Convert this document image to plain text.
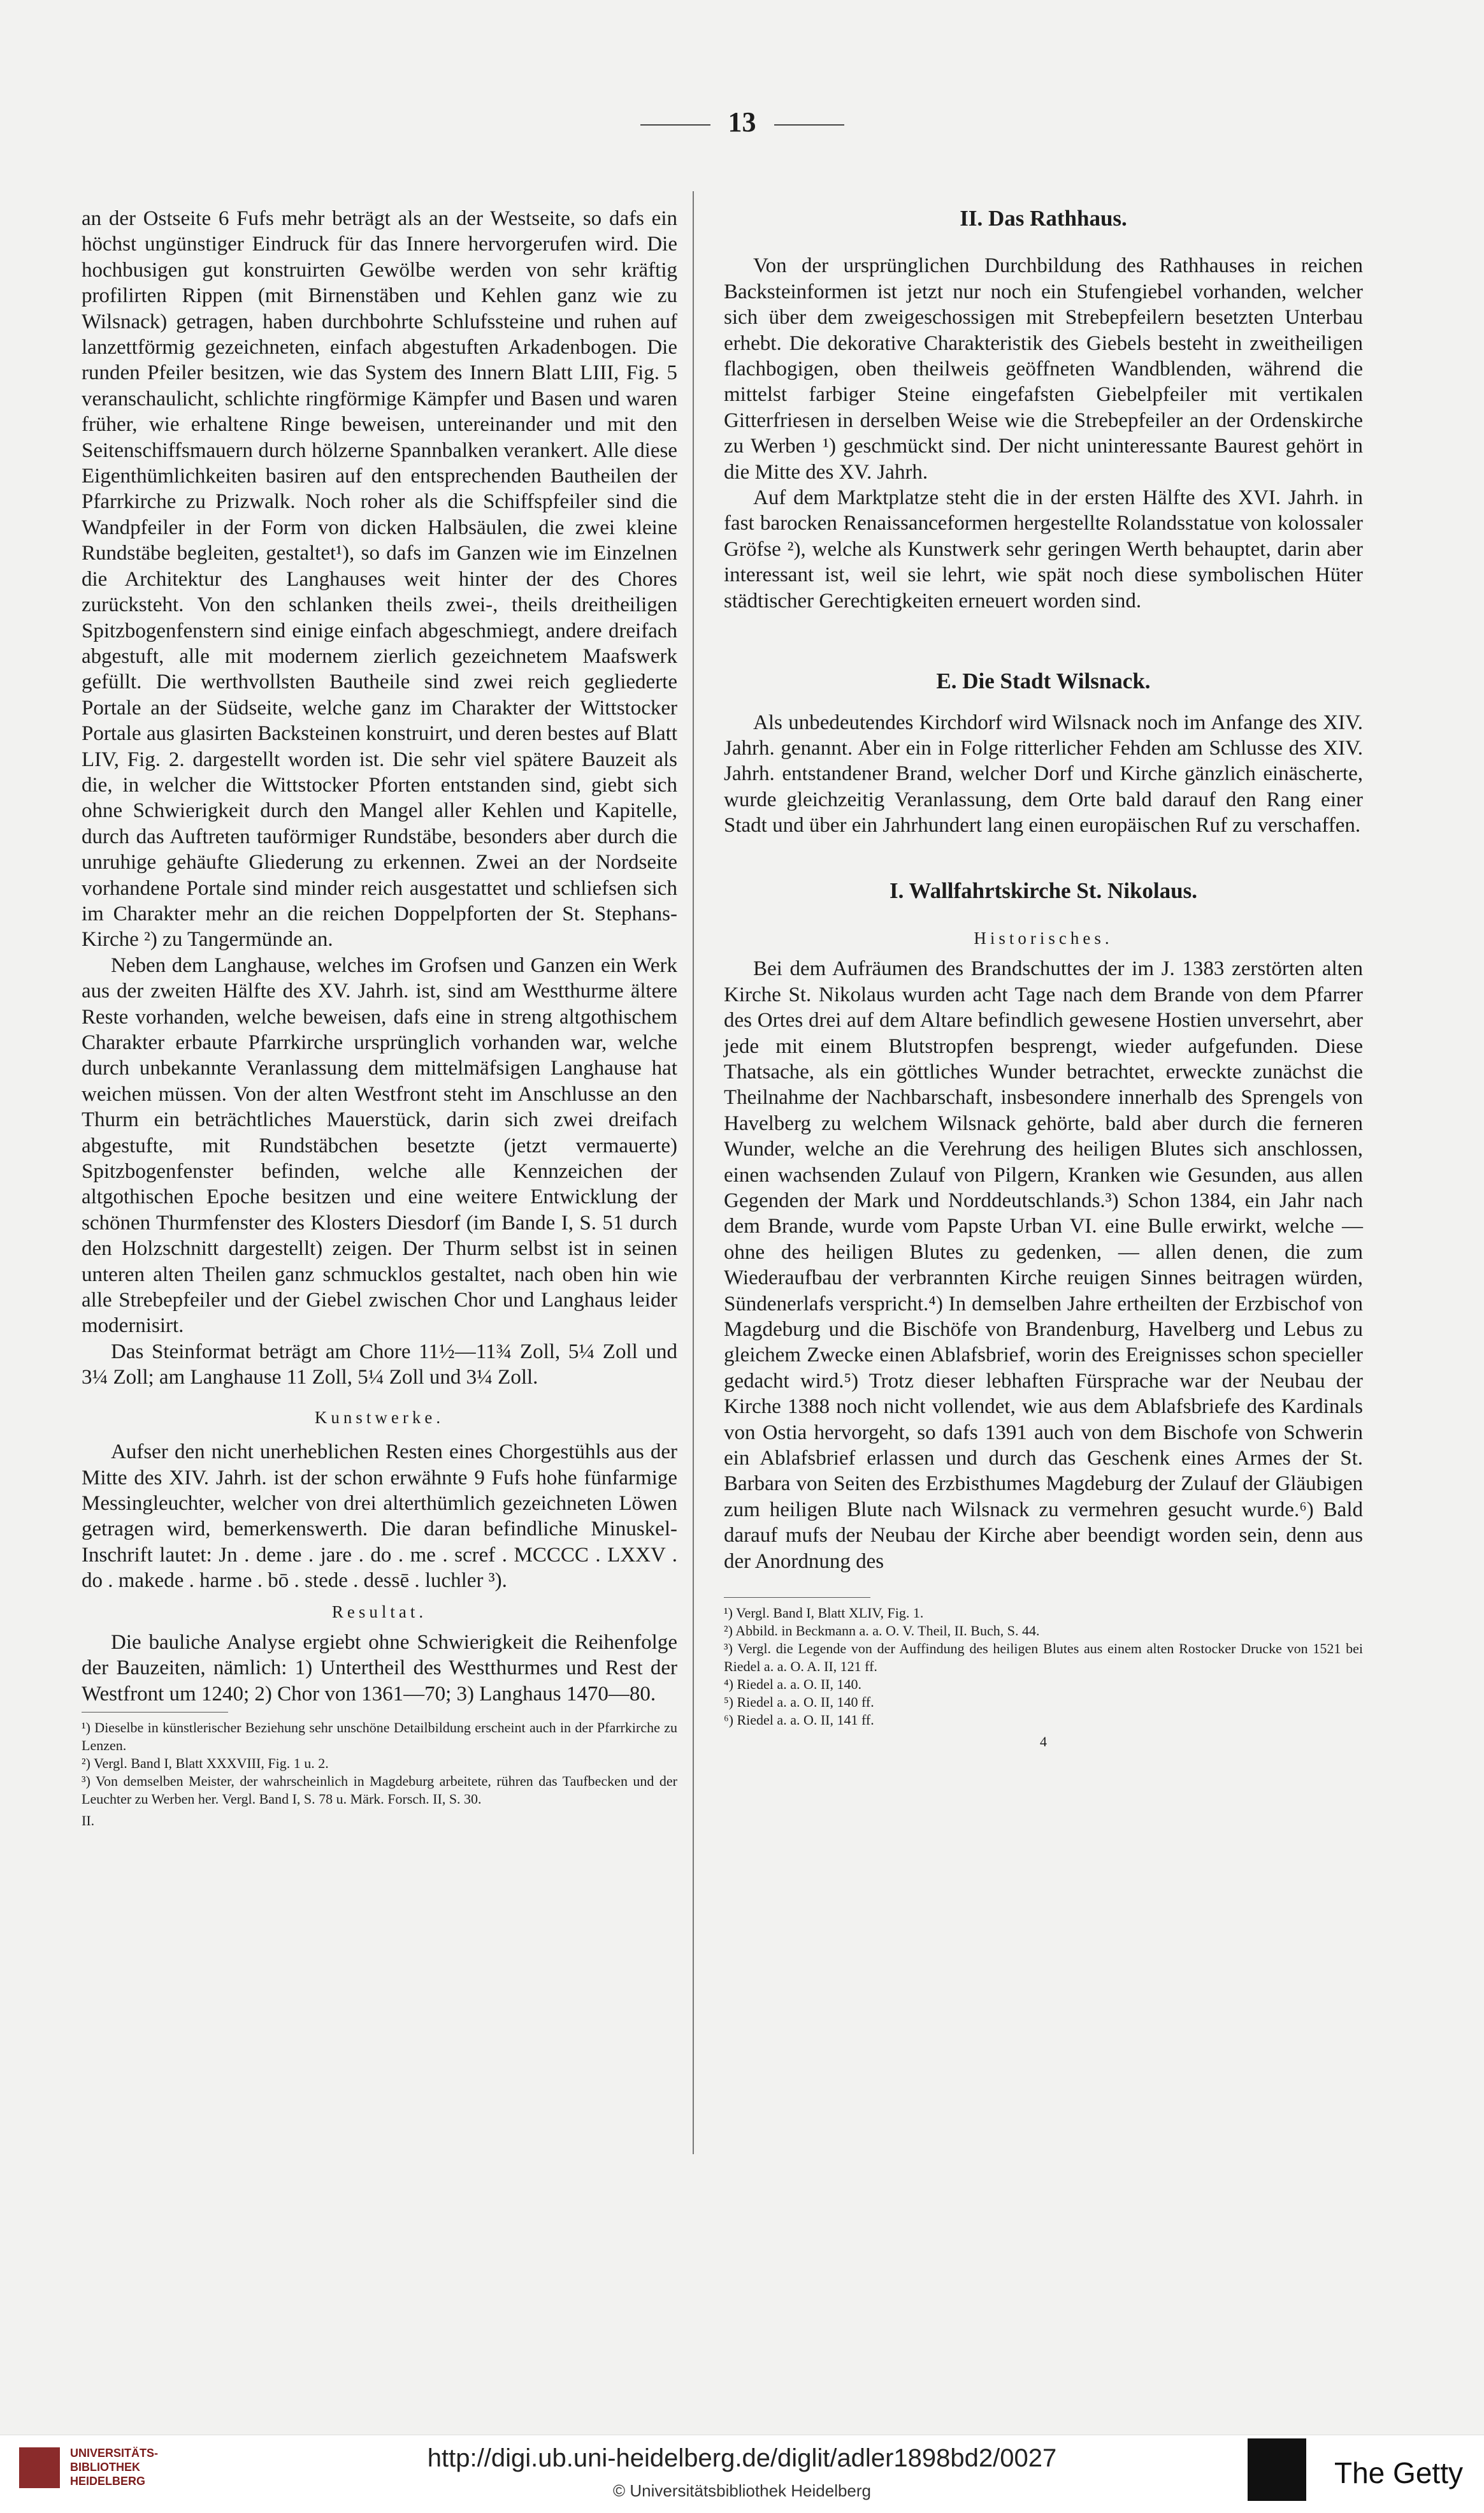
13

an der Ostseite 6 Fufs mehr beträgt als an der Westseite, so dafs ein höchst ungünstiger Eindruck für das Innere hervorgerufen wird. Die hochbusigen gut konstruirten Gewölbe werden von sehr kräftig profilirten Rippen (mit Birnenstäben und Kehlen ganz wie zu Wilsnack) getragen, haben durchbohrte Schlufssteine und ruhen auf lanzettförmig gezeichneten, einfach abgestuften Arkadenbogen. Die runden Pfeiler besitzen, wie das System des Innern Blatt LIII, Fig. 5 veranschaulicht, schlichte ringförmige Kämpfer und Basen und waren früher, wie erhaltene Ringe beweisen, untereinander und mit den Seitenschiffsmauern durch hölzerne Spannbalken verankert. Alle diese Eigenthümlichkeiten basiren auf den entsprechenden Bautheilen der Pfarrkirche zu Prizwalk. Noch roher als die Schiffspfeiler sind die Wandpfeiler in der Form von dicken Halbsäulen, die zwei kleine Rundstäbe begleiten, gestaltet¹), so dafs im Ganzen wie im Einzelnen die Architektur des Langhauses weit hinter der des Chores zurücksteht. Von den schlanken theils zwei-, theils dreitheiligen Spitzbogenfenstern sind einige einfach abgeschmiegt, andere dreifach abgestuft, alle mit modernem zierlich gezeichnetem Maafswerk gefüllt. Die werthvollsten Bautheile sind zwei reich gegliederte Portale an der Südseite, welche ganz im Charakter der Wittstocker Portale aus glasirten Backsteinen konstruirt, und deren bestes auf Blatt LIV, Fig. 2. dargestellt worden ist. Die sehr viel spätere Bauzeit als die, in welcher die Wittstocker Pforten entstanden sind, giebt sich ohne Schwierigkeit durch den Mangel aller Kehlen und Kapitelle, durch das Auftreten tauförmiger Rundstäbe, besonders aber durch die unruhige gehäufte Gliederung zu erkennen. Zwei an der Nordseite vorhandene Portale sind minder reich ausgestattet und schliefsen sich im Charakter mehr an die reichen Doppelpforten der St. Stephans-Kirche ²) zu Tangermünde an.

Neben dem Langhause, welches im Grofsen und Ganzen ein Werk aus der zweiten Hälfte des XV. Jahrh. ist, sind am Westthurme ältere Reste vorhanden, welche beweisen, dafs eine in streng altgothischem Charakter erbaute Pfarrkirche ursprünglich vorhanden war, welche durch unbekannte Veranlassung dem mittelmäfsigen Langhause hat weichen müssen. Von der alten Westfront steht im Anschlusse an den Thurm ein beträchtliches Mauerstück, darin sich zwei dreifach abgestufte, mit Rundstäbchen besetzte (jetzt vermauerte) Spitzbogenfenster befinden, welche alle Kennzeichen der altgothischen Epoche besitzen und eine weitere Entwicklung der schönen Thurmfenster des Klosters Diesdorf (im Bande I, S. 51 durch den Holzschnitt dargestellt) zeigen. Der Thurm selbst ist in seinen unteren alten Theilen ganz schmucklos gestaltet, nach oben hin wie alle Strebepfeiler und der Giebel zwischen Chor und Langhaus leider modernisirt.

Das Steinformat beträgt am Chore 11½—11¾ Zoll, 5¼ Zoll und 3¼ Zoll; am Langhause 11 Zoll, 5¼ Zoll und 3¼ Zoll.

Kunstwerke.

Aufser den nicht unerheblichen Resten eines Chorgestühls aus der Mitte des XIV. Jahrh. ist der schon erwähnte 9 Fufs hohe fünfarmige Messingleuchter, welcher von drei alterthümlich gezeichneten Löwen getragen wird, bemerkenswerth. Die daran befindliche Minuskel-Inschrift lautet: Jn . deme . jare . do . me . scref . MCCCC . LXXV . do . makede . harme . bō . stede . dessē . luchler ³).

Resultat.

Die bauliche Analyse ergiebt ohne Schwierigkeit die Reihenfolge der Bauzeiten, nämlich: 1) Untertheil des Westthurmes und Rest der Westfront um 1240; 2) Chor von 1361—70; 3) Langhaus 1470—80.

¹) Dieselbe in künstlerischer Beziehung sehr unschöne Detailbildung erscheint auch in der Pfarrkirche zu Lenzen.

²) Vergl. Band I, Blatt XXXVIII, Fig. 1 u. 2.

³) Von demselben Meister, der wahrscheinlich in Magdeburg arbeitete, rühren das Taufbecken und der Leuchter zu Werben her. Vergl. Band I, S. 78 u. Märk. Forsch. II, S. 30.

II.

II. Das Rathhaus.

Von der ursprünglichen Durchbildung des Rathhauses in reichen Backsteinformen ist jetzt nur noch ein Stufengiebel vorhanden, welcher sich über dem zweigeschossigen mit Strebepfeilern besetzten Unterbau erhebt. Die dekorative Charakteristik des Giebels besteht in zweitheiligen flachbogigen, oben theilweis geöffneten Wandblenden, während die mittelst farbiger Steine eingefafsten Giebelpfeiler mit vertikalen Gitterfriesen in derselben Weise wie die Strebepfeiler an der Ordenskirche zu Werben ¹) geschmückt sind. Der nicht uninteressante Baurest gehört in die Mitte des XV. Jahrh.

Auf dem Marktplatze steht die in der ersten Hälfte des XVI. Jahrh. in fast barocken Renaissanceformen hergestellte Rolandsstatue von kolossaler Gröfse ²), welche als Kunstwerk sehr geringen Werth behauptet, darin aber interessant ist, weil sie lehrt, wie spät noch diese symbolischen Hüter städtischer Gerechtigkeiten erneuert worden sind.

E. Die Stadt Wilsnack.

Als unbedeutendes Kirchdorf wird Wilsnack noch im Anfange des XIV. Jahrh. genannt. Aber ein in Folge ritterlicher Fehden am Schlusse des XIV. Jahrh. entstandener Brand, welcher Dorf und Kirche gänzlich einäscherte, wurde gleichzeitig Veranlassung, dem Orte bald darauf den Rang einer Stadt und über ein Jahrhundert lang einen europäischen Ruf zu verschaffen.

I. Wallfahrtskirche St. Nikolaus.

Historisches.

Bei dem Aufräumen des Brandschuttes der im J. 1383 zerstörten alten Kirche St. Nikolaus wurden acht Tage nach dem Brande von dem Pfarrer des Ortes drei auf dem Altare befindlich gewesene Hostien unversehrt, aber jede mit einem Blutstropfen besprengt, wieder aufgefunden. Diese Thatsache, als ein göttliches Wunder betrachtet, erweckte zunächst die Theilnahme der Nachbarschaft, insbesondere innerhalb des Sprengels von Havelberg zu welchem Wilsnack gehörte, bald aber durch die ferneren Wunder, welche an die Verehrung des heiligen Blutes sich anschlossen, einen wachsenden Zulauf von Pilgern, Kranken wie Gesunden, aus allen Gegenden der Mark und Norddeutschlands.³) Schon 1384, ein Jahr nach dem Brande, wurde vom Papste Urban VI. eine Bulle erwirkt, welche — ohne des heiligen Blutes zu gedenken, — allen denen, die zum Wiederaufbau der verbrannten Kirche reuigen Sinnes beitragen würden, Sündenerlafs verspricht.⁴) In demselben Jahre ertheilten der Erzbischof von Magdeburg und die Bischöfe von Brandenburg, Havelberg und Lebus zu gleichem Zwecke einen Ablafsbrief, worin des Ereignisses schon specieller gedacht wird.⁵) Trotz dieser lebhaften Fürsprache war der Neubau der Kirche 1388 noch nicht vollendet, wie aus dem Ablafsbriefe des Kardinals von Ostia hervorgeht, so dafs 1391 auch von dem Bischofe von Schwerin ein Ablafsbrief erlassen und durch das Geschenk eines Armes der St. Barbara von Seiten des Erzbisthumes Magdeburg der Zulauf der Gläubigen zum heiligen Blute nach Wilsnack zu vermehren gesucht wurde.⁶) Bald darauf mufs der Neubau der Kirche aber beendigt worden sein, denn aus der Anordnung des

¹) Vergl. Band I, Blatt XLIV, Fig. 1.

²) Abbild. in Beckmann a. a. O. V. Theil, II. Buch, S. 44.

³) Vergl. die Legende von der Auffindung des heiligen Blutes aus einem alten Rostocker Drucke von 1521 bei Riedel a. a. O. A. II, 121 ff.

⁴) Riedel a. a. O. II, 140.

⁵) Riedel a. a. O. II, 140 ff.

⁶) Riedel a. a. O. II, 141 ff.

4

UNIVERSITÄTS-
BIBLIOTHEK
HEIDELBERG
http://digi.ub.uni-heidelberg.de/diglit/adler1898bd2/0027
© Universitätsbibliothek Heidelberg
The Getty
